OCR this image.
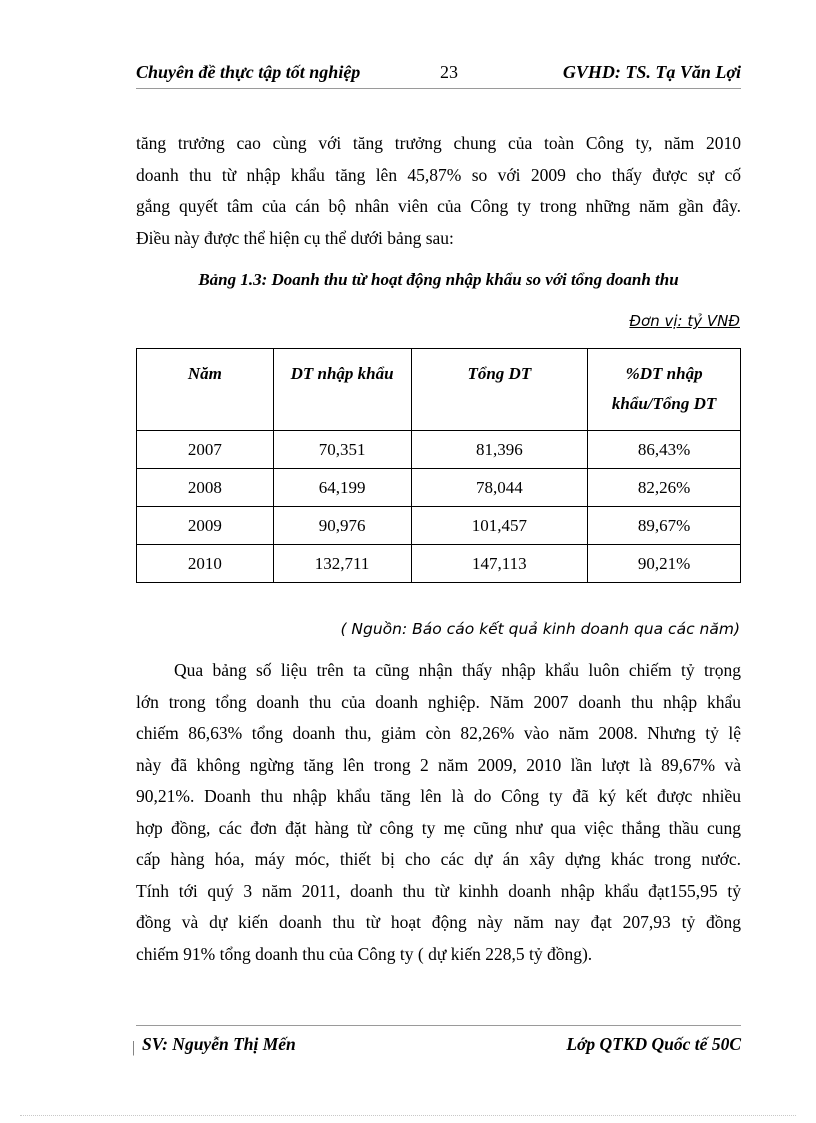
Chuyên đề thực tập tốt nghiệp	23	GVHD: TS. Tạ Văn Lợi
tăng trưởng cao cùng với tăng trưởng chung của toàn Công ty, năm 2010
doanh thu từ nhập khẩu tăng lên 45,87% so với 2009 cho thấy được sự cố
gắng quyết tâm của cán bộ nhân viên của Công ty trong những năm gần đây.
Điều này được thể hiện cụ thể dưới bảng sau:
Bảng 1.3: Doanh thu từ hoạt động nhập khẩu so với tổng doanh thu
Đơn vị: tỷ VNĐ
Năm	DT nhập khẩu	Tổng DT	%DT nhập
khẩu/Tổng DT
2007	70,351	81,396	86,43%
2008	64,199	78,044	82,26%
2009	90,976	101,457	89,67%
2010	132,711	147,113	90,21%
( Nguồn: Báo cáo kết quả kinh doanh qua các năm)
Qua bảng số liệu trên ta cũng nhận thấy nhập khẩu luôn chiếm tỷ trọng
lớn trong tổng doanh thu của doanh nghiệp. Năm 2007 doanh thu nhập khẩu
chiếm 86,63% tổng doanh thu, giảm còn 82,26% vào năm 2008. Nhưng tỷ lệ
này đã không ngừng tăng lên trong 2 năm 2009, 2010 lần lượt là 89,67% và
90,21%. Doanh thu nhập khẩu tăng lên là do Công ty đã ký kết được nhiều
hợp đồng, các đơn đặt hàng từ công ty mẹ cũng như qua việc thắng thầu cung
cấp hàng hóa, máy móc, thiết bị cho các dự án xây dựng khác trong nước.
Tính tới quý 3 năm 2011, doanh thu từ kinhh doanh nhập khẩu đạt155,95 tỷ
đồng và dự kiến doanh thu từ hoạt động này năm nay đạt 207,93 tỷ đồng
chiếm 91% tổng doanh thu của Công ty ( dự kiến 228,5 tỷ đồng).
| SV: Nguyễn Thị Mến	Lớp QTKD Quốc tế 50C
